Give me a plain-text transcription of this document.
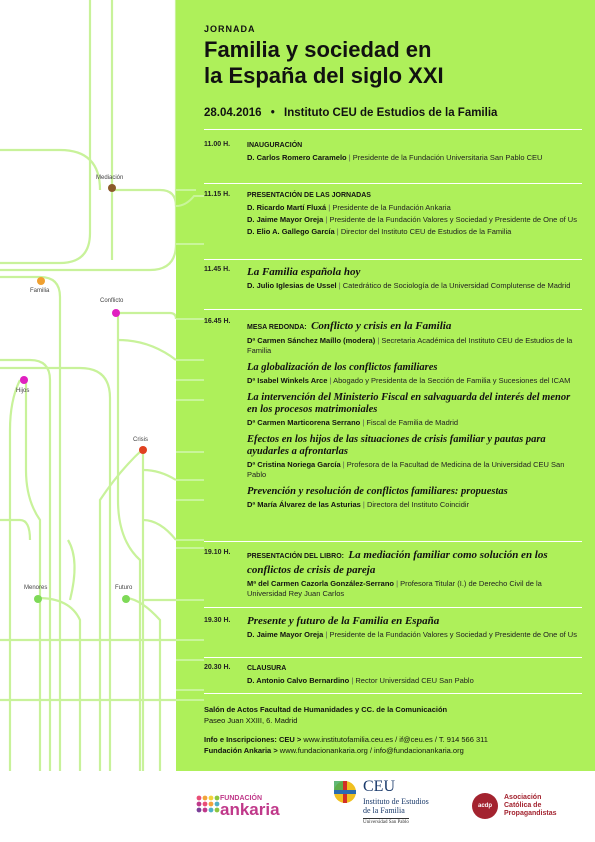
Mediación
Familia
Conflicto
Hijos
Crisis
Menores	Futuro
JORNADA
Familia y sociedad en
la España del siglo XXI
28.04.2016 • Instituto CEU de Estudios de la Familia
11.00 H. INAUGURACIÓN
D. Carlos Romero Caramelo | Presidente de la Fundación Universitaria San Pablo CEU
11.15 H. PRESENTACIÓN DE LAS JORNADAS
D. Ricardo Martí Fluxá | Presidente de la Fundación Ankaria
D. Jaime Mayor Oreja | Presidente de la Fundación Valores y Sociedad y Presidente de One of Us
D. Elio A. Gallego García | Director del Instituto CEU de Estudios de la Familia
11.45 H. La Familia española hoy
D. Julio Iglesias de Ussel | Catedrático de Sociología de la Universidad Complutense de Madrid
16.45 H.
MESA REDONDA: Conflicto y crisis en la Familia
Dª Carmen Sánchez Maíllo (modera) | Secretaria Académica del Instituto CEU de Estudios de la Familia
La globalización de los conflictos familiares
Dª Isabel Winkels Arce | Abogado y Presidenta de la Sección de Familia y Sucesiones del ICAM
La intervención del Ministerio Fiscal en salvaguarda del interés del menor en los procesos matrimoniales
Dª Carmen Marticorena Serrano | Fiscal de Familia de Madrid
Efectos en los hijos de las situaciones de crisis familiar y pautas para ayudarles a afrontarlas
Dª Cristina Noriega García | Profesora de la Facultad de Medicina de la Universidad CEU San Pablo
Prevención y resolución de conflictos familiares: propuestas
Dª María Álvarez de las Asturias | Directora del Instituto Coincidir
19.10 H.
PRESENTACIÓN DEL LIBRO: La mediación familiar como solución en los conflictos de crisis de pareja
Mª del Carmen Cazorla González-Serrano | Profesora Titular (I.) de Derecho Civil de la Universidad Rey Juan Carlos
19.30 H. Presente y futuro de la Familia en España
D. Jaime Mayor Oreja | Presidente de la Fundación Valores y Sociedad y Presidente de One of Us
20.30 H. CLAUSURA
D. Antonio Calvo Bernardino | Rector Universidad CEU San Pablo
Salón de Actos Facultad de Humanidades y CC. de la Comunicación
Paseo Juan XXIII, 6. Madrid
Info e Inscripciones: CEU > www.institutofamilia.ceu.es / if@ceu.es / T. 914 566 311
Fundación Ankaria > www.fundacionankaria.org / info@fundacionankaria.org
FUNDACIÓN
ankaria
CEU
Instituto de Estudios
de la Familia
Universidad San Pablo
acdp
Asociación
Católica de
Propagandistas
